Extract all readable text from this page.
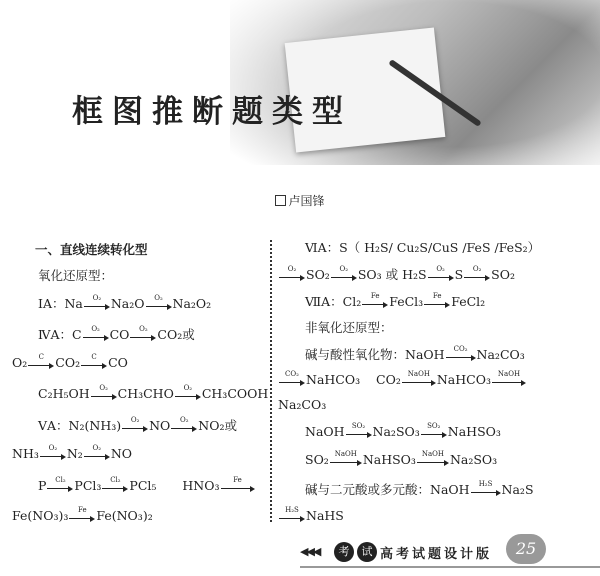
框图推断题类型
卢国锋
一、直线连续转化型
氧化还原型：
ⅠA：Na	O₂ Na₂O	O₂ Na₂O₂
ⅣA：C	O₂ CO	O₂ CO₂或
O₂	C CO₂	C CO
C₂H₅OH	O₂ CH₃CHO	O₂ CH₃COOH
ⅤA：N₂(NH₃)	O₂ NO	O₂ NO₂或
NH₃	O₂ N₂	O₂ NO
P	Cl₂ PCl₃	Cl₂ PCl₅ HNO₃	Fe
Fe(NO₃)₃	Fe Fe(NO₃)₂
ⅥA：S（ H₂S/ Cu₂S/CuS /FeS /FeS₂）
O₂ SO₂	O₂ SO₃ 或 H₂S	O₂ S	O₂ SO₂
ⅦA：Cl₂	Fe FeCl₃	Fe FeCl₂
非氧化还原型：
碱与酸性氧化物：NaOH	CO₂ Na₂CO₃
CO₂ NaHCO₃ CO₂ NaOH NaHCO₃ NaOH
Na₂CO₃
NaOH	SO₂ Na₂SO₃	SO₂ NaHSO₃
SO₂ NaOH NaHSO₃ NaOH Na₂SO₃
碱与二元酸或多元酸：NaOH	H₂S Na₂S
H₂S NaHS
◀◀◀	考	试 高考试题设计版	25
